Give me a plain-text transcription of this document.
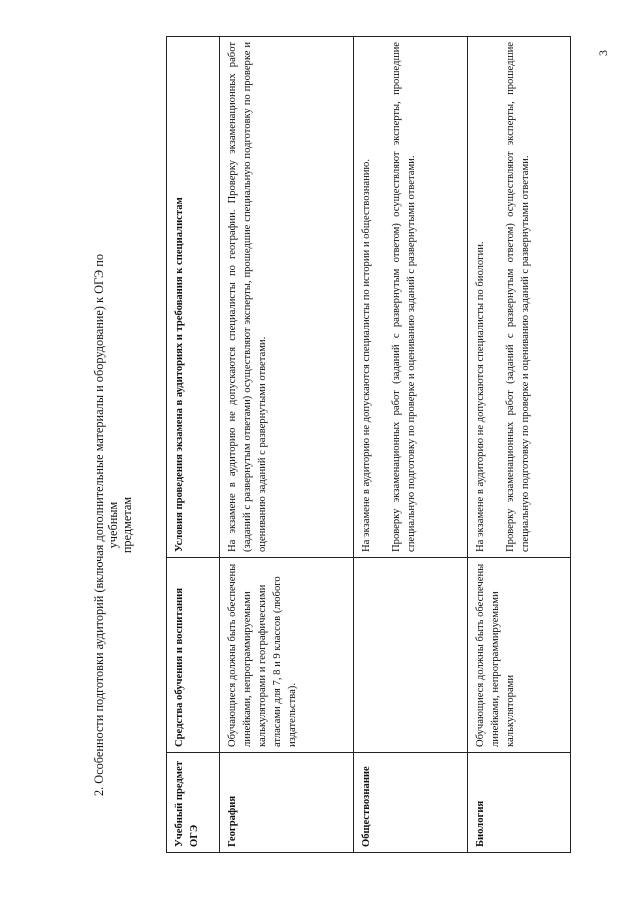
3
2. Особенности подготовки аудиторий (включая дополнительные материалы и оборудование) к ОГЭ по учебным предметам
Учебный предмет ОГЭ	Средства обучения и воспитания	Условия проведения экзамена в аудиториях и требования к специалистам
География	Обучающиеся должны быть обеспечены линейками, непрограммируемыми калькуляторами и географическими атласами для 7, 8 и 9 классов (любого издательства).	На экзамене в аудиторию не допускаются специалисты по географии. Проверку экзаменационных работ (заданий с развернутым ответами) осуществляют эксперты, прошедшие специальную подготовку по проверке и оцениванию заданий с развернутыми ответами.

Обществознание		На экзамене в аудиторию не допускаются специалисты по истории и обществознанию. Проверку экзаменационных работ (заданий с развернутым ответом) осуществляют эксперты, прошедшие специальную подготовку по проверке и оцениванию заданий с развернутыми ответами.

Биология	Обучающиеся должны быть обеспечены линейками, непрограммируемыми калькуляторами	На экзамене в аудиторию не допускаются специалисты по биологии. Проверку экзаменационных работ (заданий с развернутым ответом) осуществляют эксперты, прошедшие специальную подготовку по проверке и оцениванию заданий с развернутыми ответами.
